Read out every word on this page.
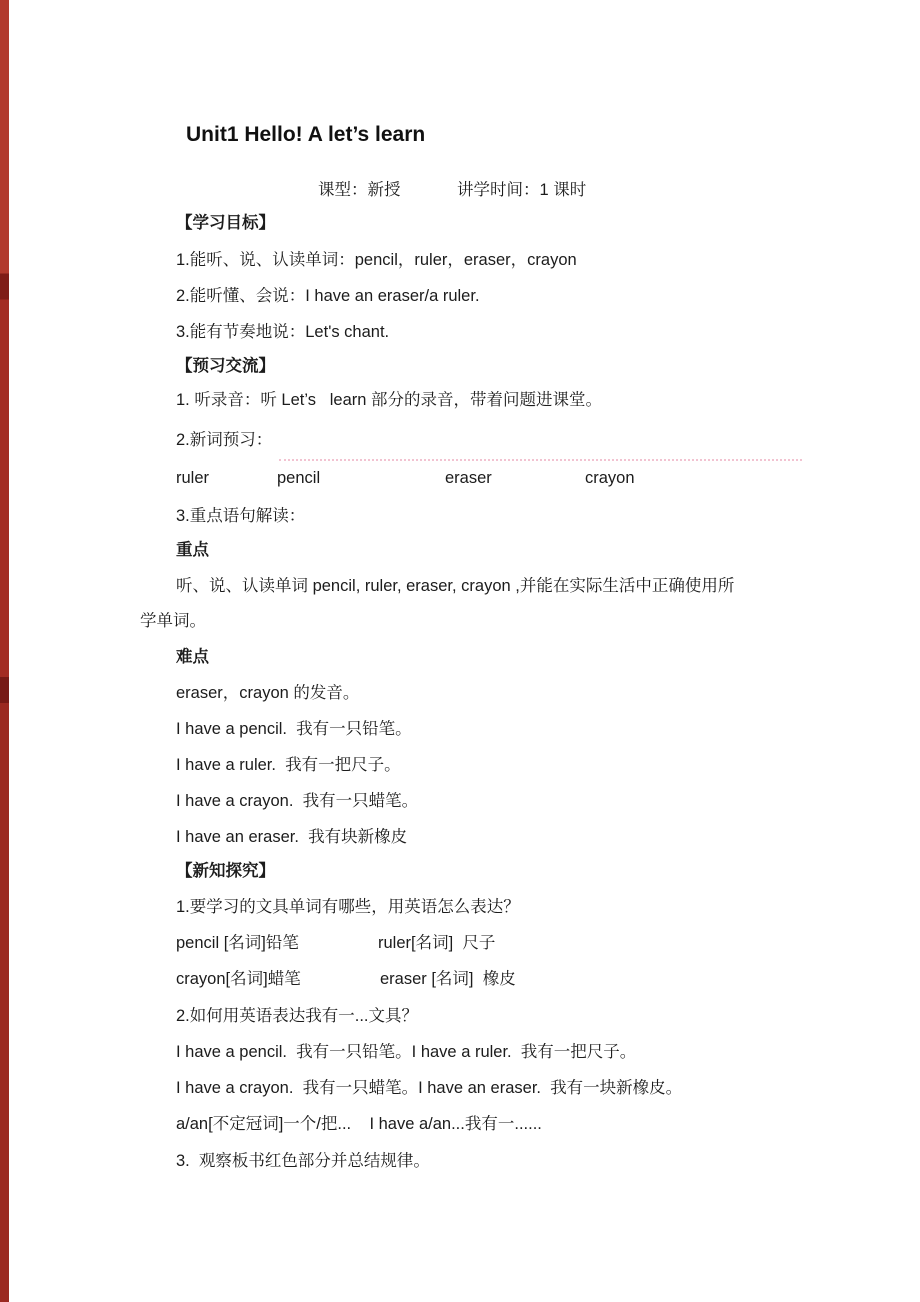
Unit1 Hello! A let’s learn
课型：新授	讲学时间：1 课时
【学习目标】
1.能听、说、认读单词：pencil，ruler，eraser，crayon
2.能听懂、会说：I have an eraser/a ruler.
3.能有节奏地说：Let's chant.
【预习交流】
1. 听录音：听 Let’s   learn 部分的录音，带着问题进课堂。
2.新词预习：
ruler	pencil	eraser	crayon
3.重点语句解读：
重点
听、说、认读单词 pencil, ruler, eraser, crayon ,并能在实际生活中正确使用所
学单词。
难点
eraser，crayon 的发音。
I have a pencil.  我有一只铅笔。
I have a ruler.  我有一把尺子。
I have a crayon.  我有一只蜡笔。
I have an eraser.  我有块新橡皮
【新知探究】
1.要学习的文具单词有哪些，用英语怎么表达？
pencil [名词]铅笔	ruler[名词]  尺子
crayon[名词]蜡笔	eraser [名词]  橡皮
2.如何用英语表达我有一...文具？
I have a pencil.  我有一只铅笔。I have a ruler.  我有一把尺子。
I have a crayon.  我有一只蜡笔。I have an eraser.  我有一块新橡皮。
a/an[不定冠词]一个/把...    I have a/an...我有一......
3.  观察板书红色部分并总结规律。
